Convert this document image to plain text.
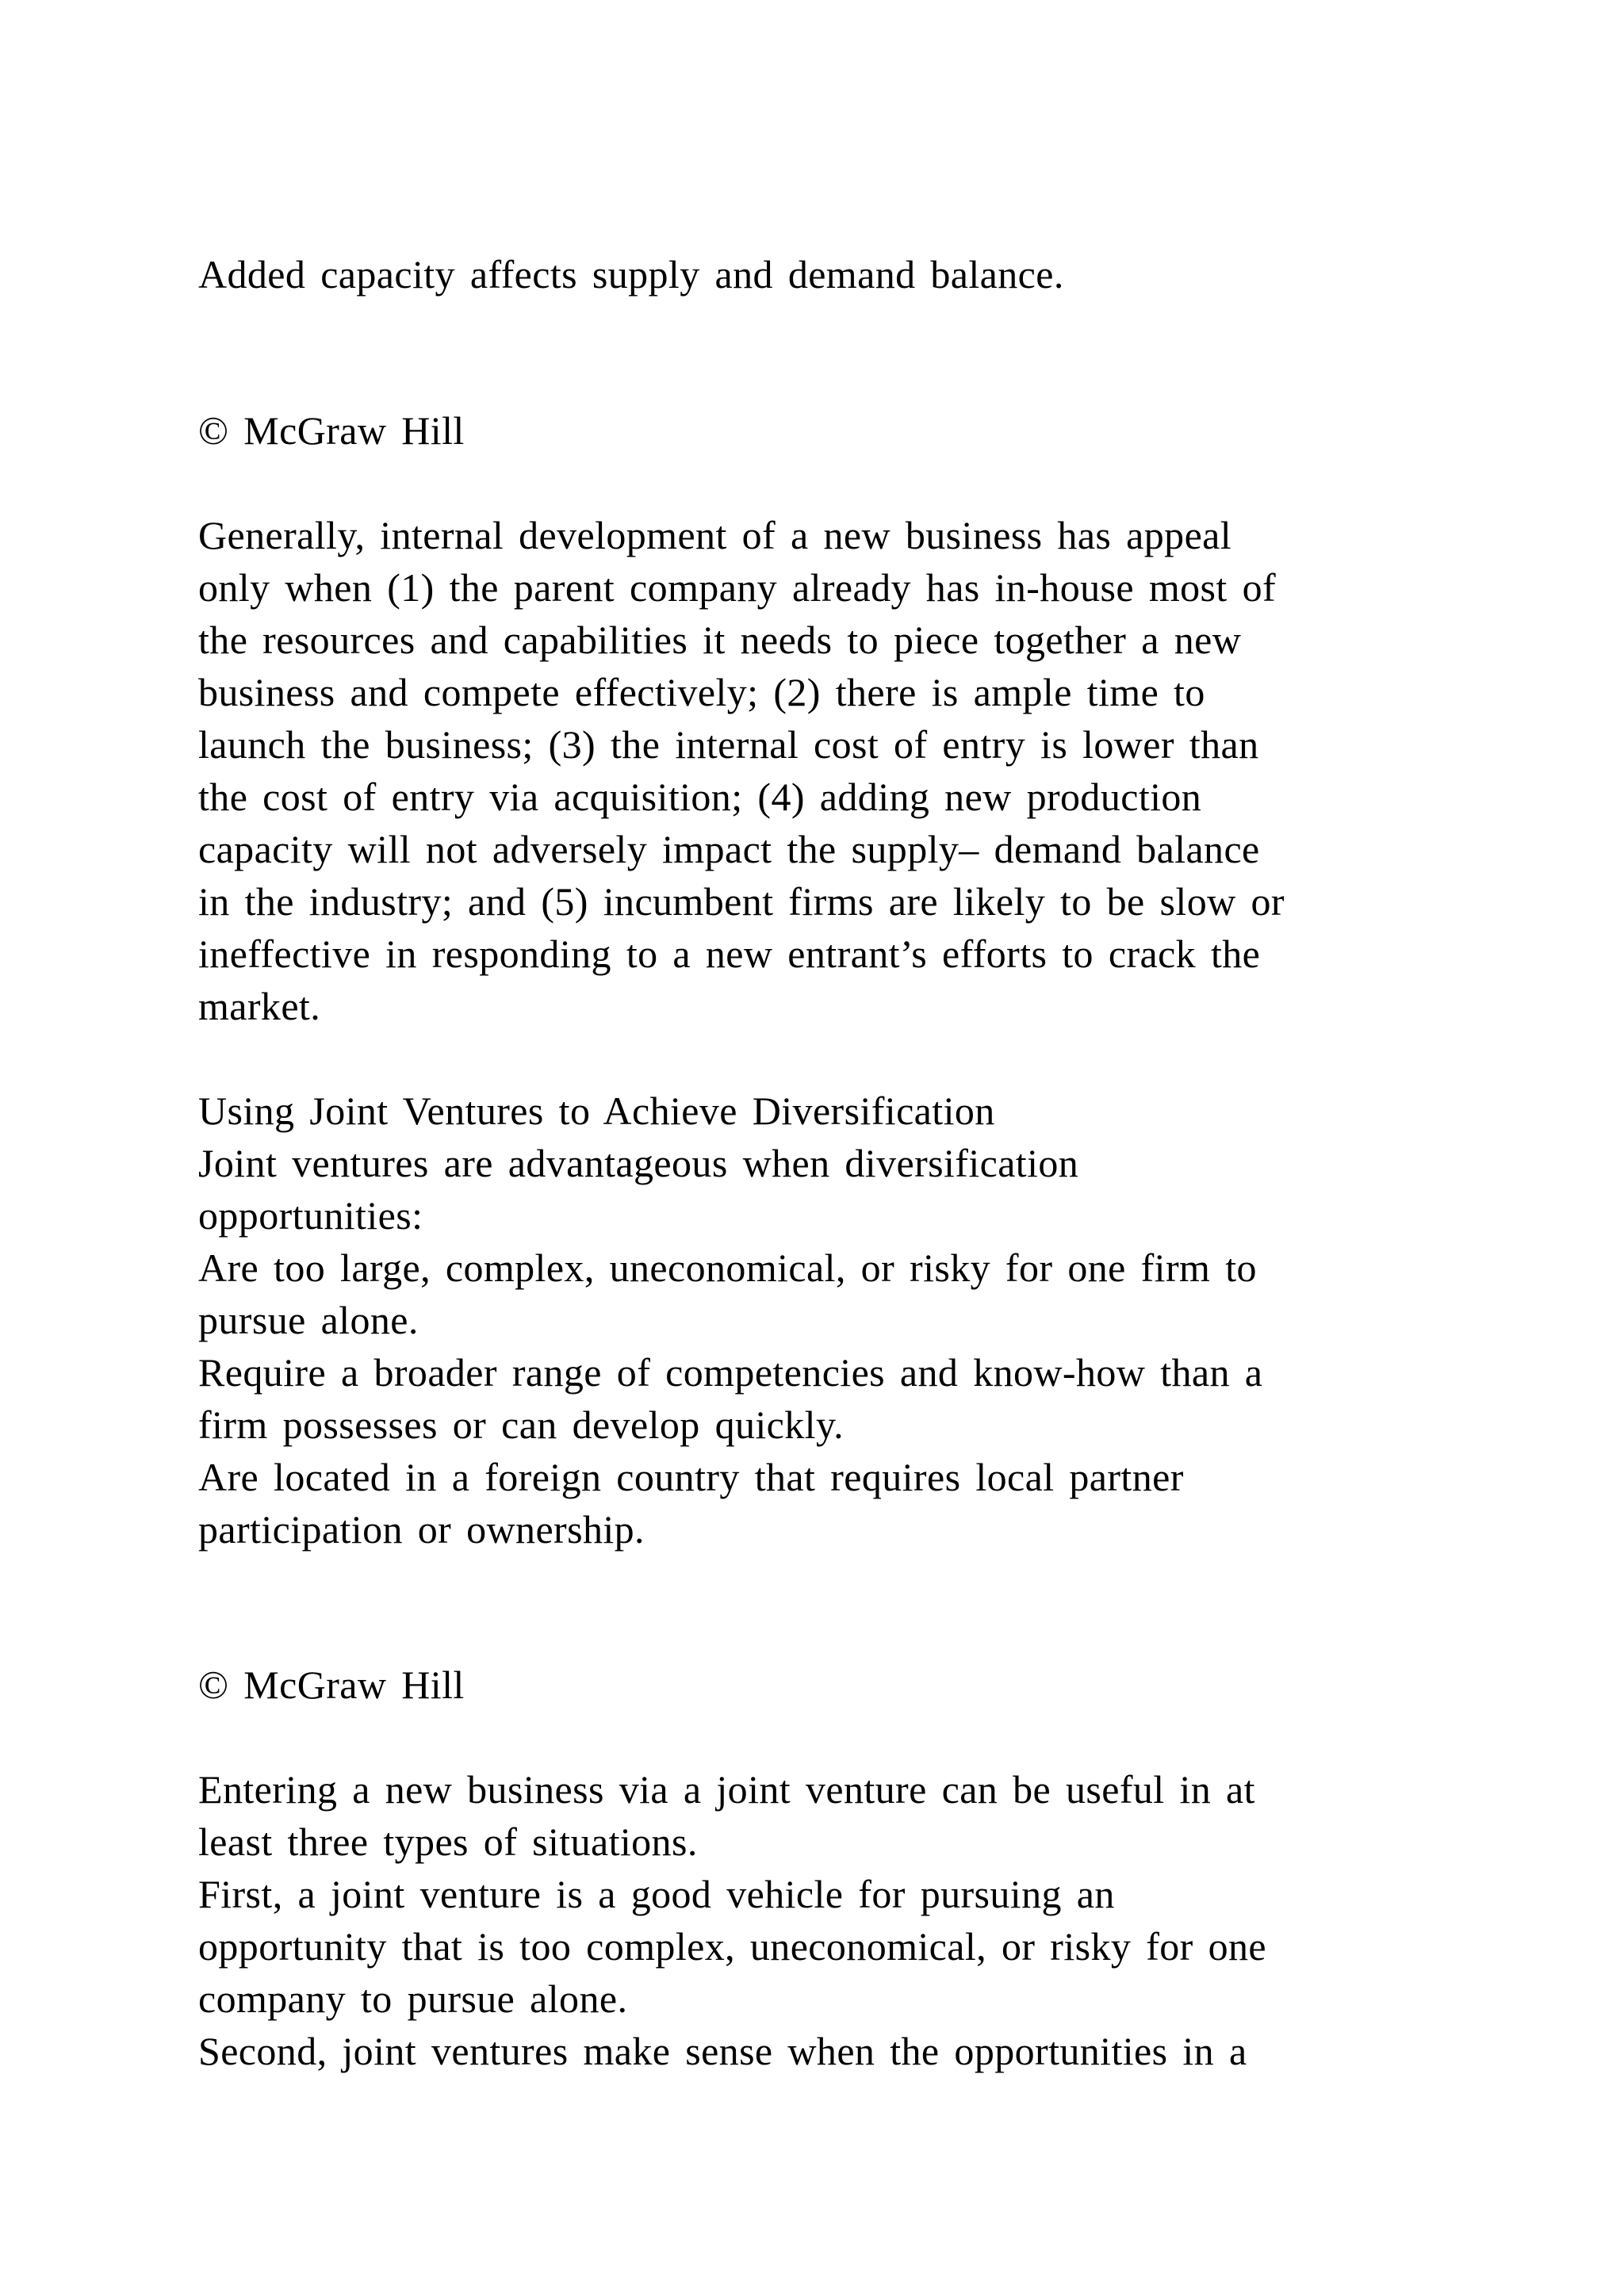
Added capacity affects supply and demand balance.
© McGraw Hill
Generally, internal development of a new business has appeal
only when (1) the parent company already has in-house most of
the resources and capabilities it needs to piece together a new
business and compete effectively; (2) there is ample time to
launch the business; (3) the internal cost of entry is lower than
the cost of entry via acquisition; (4) adding new production
capacity will not adversely impact the supply– demand balance
in the industry; and (5) incumbent firms are likely to be slow or
ineffective in responding to a new entrant’s efforts to crack the
market.
Using Joint Ventures to Achieve Diversification
Joint ventures are advantageous when diversification
opportunities:
Are too large, complex, uneconomical, or risky for one firm to
pursue alone.
Require a broader range of competencies and know-how than a
firm possesses or can develop quickly.
Are located in a foreign country that requires local partner
participation or ownership.
© McGraw Hill
Entering a new business via a joint venture can be useful in at
least three types of situations.
First, a joint venture is a good vehicle for pursuing an
opportunity that is too complex, uneconomical, or risky for one
company to pursue alone.
Second, joint ventures make sense when the opportunities in a
